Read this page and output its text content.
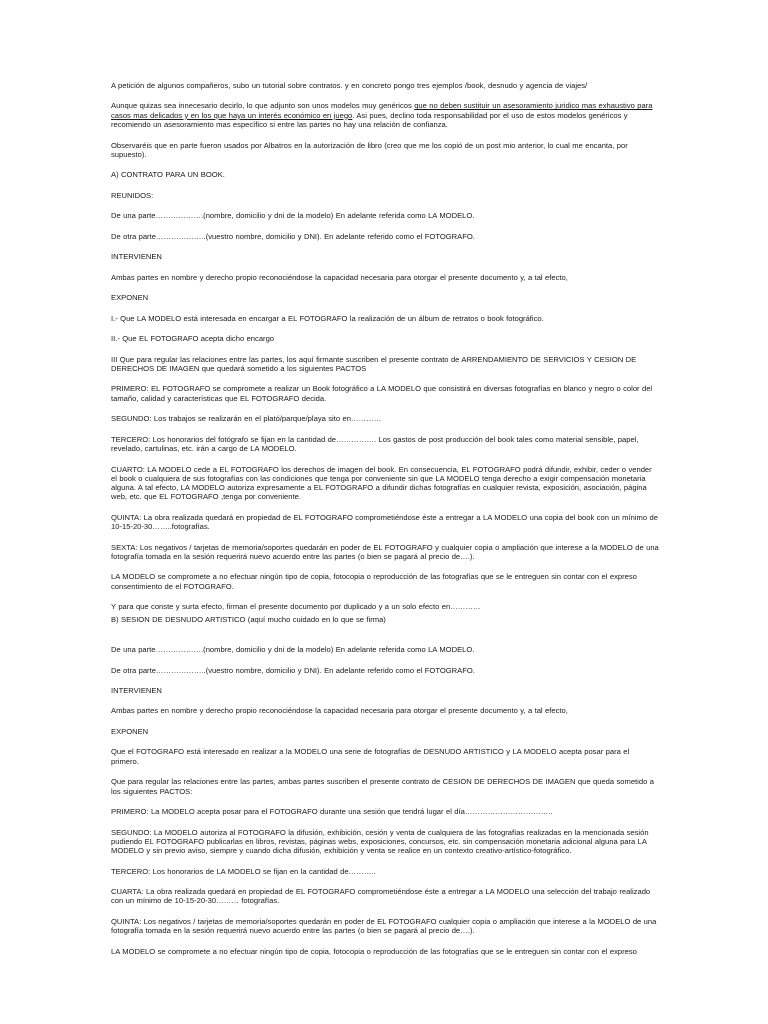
A petición de algunos compañeros, subo un tutorial sobre contratos. y en concreto pongo tres ejemplos /book, desnudo y agencia de viajes/

Aunque quizas sea innecesario decirlo, lo que adjunto son unos modelos muy genéricos que no deben sustituir un asesoramiento juridico mas exhaustivo para casos mas delicados y en los que haya un interés económico en juego. Asi pues, declino toda responsabilidad por el uso de estos modelos genéricos y recomiendo un asesoramiento mas específico si entre las partes no hay una relación de confianza.

Observaréis que en parte fueron usados por Albatros en la autorización de libro (creo que me los copió de un post mio anterior, lo cual me encanta, por supuesto).

A) CONTRATO PARA UN BOOK.

REUNIDOS:

De una parte……………….(nombre, domicilio y dni de la modelo) En adelante referida como LA MODELO.

De otra parte………………..(vuestro nombre, domicilio y DNI). En adelante referido como el FOTOGRAFO.

INTERVIENEN

Ambas partes en nombre y derecho propio reconociéndose la capacidad necesaria para otorgar el presente documento y, a tal efecto,

EXPONEN

I.- Que LA MODELO está interesada en encargar a EL FOTOGRAFO la realización de un álbum de retratos o book fotográfico.

II.- Que EL FOTOGRAFO acepta dicho encargo

III Que para regular las relaciones entre las partes, los aquí firmante suscriben el presente contrato de ARRENDAMIENTO DE SERVICIOS Y CESION DE DERECHOS DE IMAGEN que quedará sometido a los siguientes PACTOS

PRIMERO: EL FOTOGRAFO se compromete a realizar un Book fotográfico a LA MODELO que consistirá en diversas fotografías en blanco y negro o color del tamaño, calidad y características que EL FOTOGRAFO decida.

SEGUNDO: Los trabajos se realizarán en el plató/parque/playa sito en…………

TERCERO: Los honorarios del fotógrafo se fijan en la cantidad de……………. Los gastos de post producción del book tales como material sensible, papel, revelado, cartulinas, etc. irán a cargo de LA MODELO.

CUARTO: LA MODELO cede a EL FOTOGRAFO los derechos de imagen del book. En consecuencia, EL FOTOGRAFO podrá difundir, exhibir, ceder o vender el book o cualquiera de sus fotografías con las condiciones que tenga por conveniente sin que LA MODELO tenga derecho a exigir compensación monetaria alguna. A tal efecto, LA MODELO autoriza expresamente a EL FOTOGRAFO a difundir dichas fotografías en cualquier revista, exposición, asociación, página web, etc. que EL FOTOGRAFO ,tenga por conveniente.

QUINTA: La obra realizada quedará en propiedad de EL FOTOGRAFO comprometiéndose éste a entregar a LA MODELO una copia del book con un mínimo de 10-15-20-30……..fotografías.

SEXTA: Los negativos / tarjetas de memoria/soportes quedarán en poder de EL FOTOGRAFO y cualquier copia o ampliación que interese a la MODELO de una fotografía tomada en la sesión requerirá nuevo acuerdo entre las partes (o bien se pagará al precio de….).

LA MODELO se compromete a no efectuar ningún tipo de copia, fotocopia o reproducción de las fotografías que se le entreguen sin contar con el expreso consentimiento de el FOTOGRAFO.

Y para que conste y surta efecto, firman el presente documento por duplicado y a un solo efecto en…………

B) SESION DE DESNUDO ARTISTICO (aquí mucho cuidado en lo que se firma)

De una parte……………….(nombre, domicilio y dni de la modelo) En adelante referida como LA MODELO.

De otra parte………………..(vuestro nombre, domicilio y DNI). En adelante referido como el FOTOGRAFO.

INTERVIENEN

Ambas partes en nombre y derecho propio reconociéndose la capacidad necesaria para otorgar el presente documento y, a tal efecto,

EXPONEN

Que el FOTOGRAFO está interesado en realizar a la MODELO una serie de fotografías de DESNUDO ARTISTICO y LA MODELO acepta posar para el primero.

Que para regular las relaciones entre las partes, ambas partes suscriben el presente contrato de CESION DE DERECHOS DE IMAGEN que queda sometido a los siguientes PACTOS:

PRIMERO: La MODELO acepta posar para el FOTOGRAFO durante una sesión que tendrá lugar el día……………………………..

SEGUNDO: La MODELO autoriza al FOTOGRAFO la difusión, exhibición, cesión y venta de cualquiera de las fotografías realizadas en la mencionada sesión pudiendo EL FOTOGRAFO publicarlas en libros, revistas, páginas webs, exposiciones, concursos, etc. sin compensación monetaria adicional alguna para LA MODELO y sin previo aviso, siempre y cuando dicha difusión, exhibición y venta se realice en un contexto creativo-artístico-fotográfico.

TERCERO: Los honorarios de LA MODELO se fijan en la cantidad de………..

CUARTA: La obra realizada quedará en propiedad de EL FOTOGRAFO comprometiéndose éste a entregar a LA MODELO una selección del trabajo realizado con un mínimo de 10-15-20-30……… fotografías.

QUINTA: Los negativos / tarjetas de memoria/soportes quedarán en poder de EL FOTOGRAFO cualquier copia o ampliación que interese a la MODELO de una fotografía tomada en la sesión requerirá nuevo acuerdo entre las partes (o bien se pagará al precio de….).

LA MODELO se compromete a no efectuar ningún tipo de copia, fotocopia o reproducción de las fotografías que se le entreguen sin contar con el expreso
